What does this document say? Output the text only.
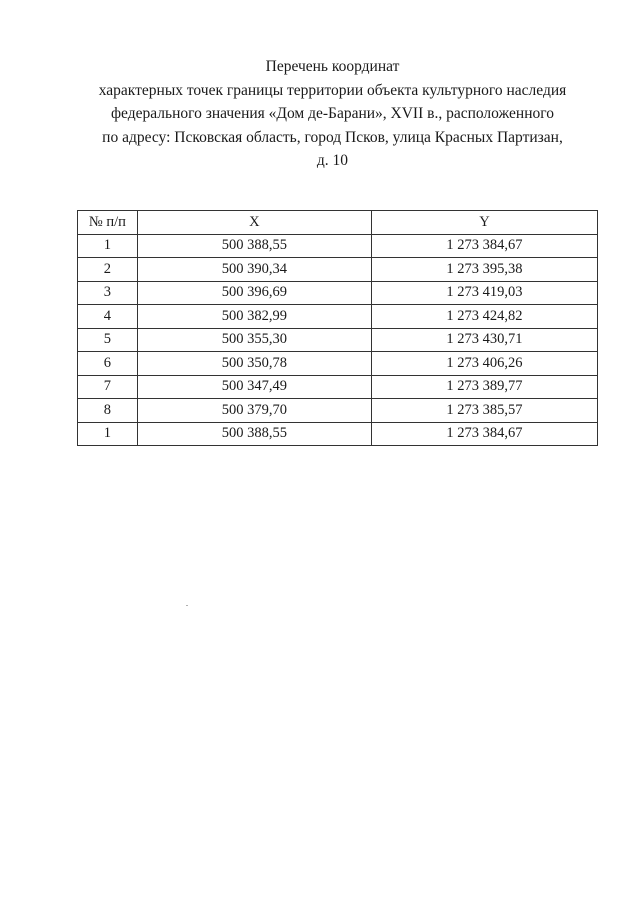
Перечень координат
характерных точек границы территории объекта культурного наследия
федерального значения «Дом де-Барани», XVII в., расположенного
по адресу: Псковская область, город Псков, улица Красных Партизан,
д. 10
№ п/п	X	Y
1	500 388,55	1 273 384,67
2	500 390,34	1 273 395,38
3	500 396,69	1 273 419,03
4	500 382,99	1 273 424,82
5	500 355,30	1 273 430,71
6	500 350,78	1 273 406,26
7	500 347,49	1 273 389,77
8	500 379,70	1 273 385,57
1	500 388,55	1 273 384,67
